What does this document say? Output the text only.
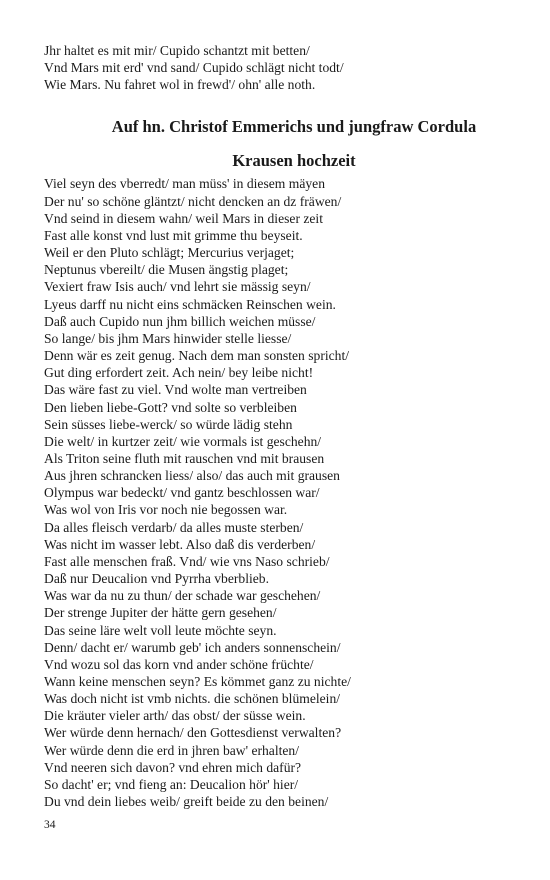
Jhr haltet es mit mir/ Cupido schantzt mit betten/
Vnd Mars mit erd' vnd sand/ Cupido schlägt nicht todt/
Wie Mars. Nu fahret wol in frewd'/ ohn' alle noth.
Auf hn. Christof Emmerichs und jungfraw Cordula
Krausen hochzeit
Viel seyn des vberredt/ man müss' in diesem mäyen
Der nu' so schöne gläntzt/ nicht dencken an dz fräwen/
Vnd seind in diesem wahn/ weil Mars in dieser zeit
Fast alle konst vnd lust mit grimme thu beyseit.
Weil er den Pluto schlägt; Mercurius verjaget;
Neptunus vbereilt/ die Musen ängstig plaget;
Vexiert fraw Isis auch/ vnd lehrt sie mässig seyn/
Lyeus darff nu nicht eins schmäcken Reinschen wein.
Daß auch Cupido nun jhm billich weichen müsse/
So lange/ bis jhm Mars hinwider stelle liesse/
Denn wär es zeit genug. Nach dem man sonsten spricht/
Gut ding erfordert zeit. Ach nein/ bey leibe nicht!
Das wäre fast zu viel. Vnd wolte man vertreiben
Den lieben liebe-Gott? vnd solte so verbleiben
Sein süsses liebe-werck/ so würde lädig stehn
Die welt/ in kurtzer zeit/ wie vormals ist geschehn/
Als Triton seine fluth mit rauschen vnd mit brausen
Aus jhren schrancken liess/ also/ das auch mit grausen
Olympus war bedeckt/ vnd gantz beschlossen war/
Was wol von Iris vor noch nie begossen war.
Da alles fleisch verdarb/ da alles muste sterben/
Was nicht im wasser lebt. Also daß dis verderben/
Fast alle menschen fraß. Vnd/ wie vns Naso schrieb/
Daß nur Deucalion vnd Pyrrha vberblieb.
Was war da nu zu thun/ der schade war geschehen/
Der strenge Jupiter der hätte gern gesehen/
Das seine läre welt voll leute möchte seyn.
Denn/ dacht er/ warumb geb' ich anders sonnenschein/
Vnd wozu sol das korn vnd ander schöne früchte/
Wann keine menschen seyn? Es kömmet ganz zu nichte/
Was doch nicht ist vmb nichts. die schönen blümelein/
Die kräuter vieler arth/ das obst/ der süsse wein.
Wer würde denn hernach/ den Gottesdienst verwalten?
Wer würde denn die erd in jhren baw' erhalten/
Vnd neeren sich davon? vnd ehren mich dafür?
So dacht' er; vnd fieng an: Deucalion hör' hier/
Du vnd dein liebes weib/ greift beide zu den beinen/
34
